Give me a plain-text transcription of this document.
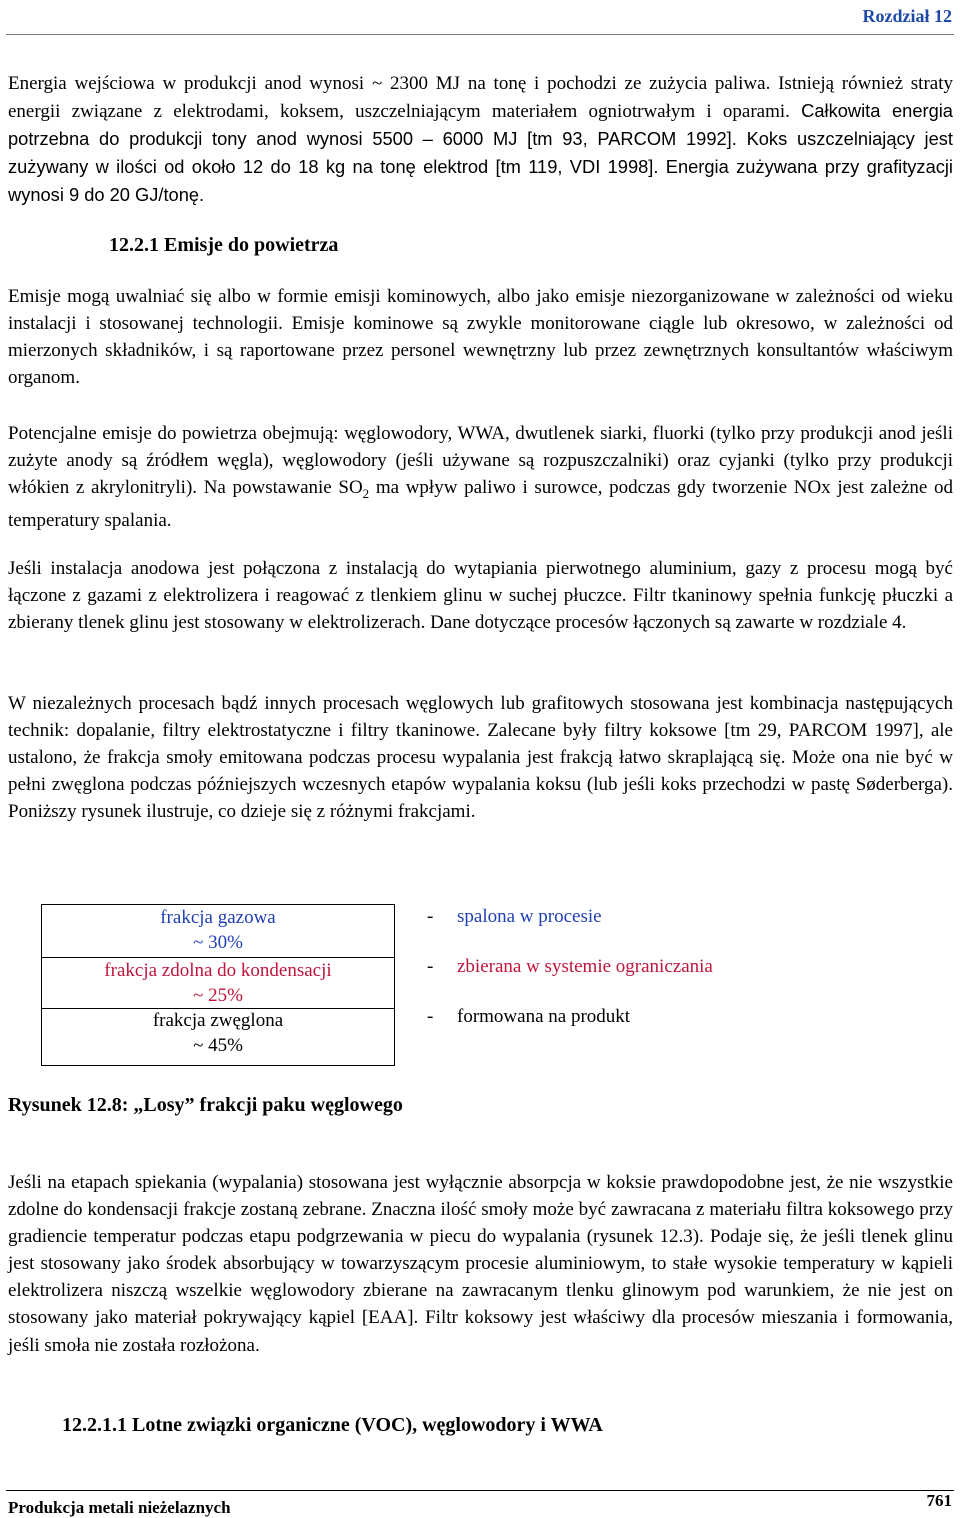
Rozdział 12

Energia wejściowa w produkcji anod wynosi ~ 2300 MJ na tonę i pochodzi ze zużycia paliwa. Istnieją również straty energii związane z elektrodami, koksem, uszczelniającym materiałem ogniotrwałym i oparami. Całkowita energia potrzebna do produkcji tony anod wynosi 5500 – 6000 MJ [tm 93, PARCOM 1992]. Koks uszczelniający jest zużywany w ilości od około 12 do 18 kg na tonę elektrod [tm 119, VDI 1998]. Energia zużywana przy grafityzacji wynosi 9 do 20 GJ/tonę.

12.2.1 Emisje do powietrza

Emisje mogą uwalniać się albo w formie emisji kominowych, albo jako emisje niezorganizowane w zależności od wieku instalacji i stosowanej technologii. Emisje kominowe są zwykle monitorowane ciągle lub okresowo, w zależności od mierzonych składników, i są raportowane przez personel wewnętrzny lub przez zewnętrznych konsultantów właściwym organom.

Potencjalne emisje do powietrza obejmują: węglowodory, WWA, dwutlenek siarki, fluorki (tylko przy produkcji anod jeśli zużyte anody są źródłem węgla), węglowodory (jeśli używane są rozpuszczalniki) oraz cyjanki (tylko przy produkcji włókien z akrylonitryli). Na powstawanie $SO_2$ ma wpływ paliwo i surowce, podczas gdy tworzenie NOx jest zależne od temperatury spalania.

Jeśli instalacja anodowa jest połączona z instalacją do wytapiania pierwotnego aluminium, gazy z procesu mogą być łączone z gazami z elektrolizera i reagować z tlenkiem glinu w suchej płuczce. Filtr tkaninowy spełnia funkcję płuczki a zbierany tlenek glinu jest stosowany w elektrolizerach. Dane dotyczące procesów łączonych są zawarte w rozdziale 4.

W niezależnych procesach bądź innych procesach węglowych lub grafitowych stosowana jest kombinacja następujących technik: dopalanie, filtry elektrostatyczne i filtry tkaninowe. Zalecane były filtry koksowe [tm 29, PARCOM 1997], ale ustalono, że frakcja smoły emitowana podczas procesu wypalania jest frakcją łatwo skraplającą się. Może ona nie być w pełni zwęglona podczas późniejszych wczesnych etapów wypalania koksu (lub jeśli koks przechodzi w pastę Søderberga). Poniższy rysunek ilustruje, co dzieje się z różnymi frakcjami.

frakcja gazowa
~ 30%
frakcja zdolna do kondensacji
~ 25%
frakcja zwęglona
~ 45%
- spalona w procesie
- zbierana w systemie ograniczania
- formowana na produkt

Rysunek 12.8: „Losy” frakcji paku węglowego

Jeśli na etapach spiekania (wypalania) stosowana jest wyłącznie absorpcja w koksie prawdopodobne jest, że nie wszystkie zdolne do kondensacji frakcje zostaną zebrane. Znaczna ilość smoły może być zawracana z materiału filtra koksowego przy gradiencie temperatur podczas etapu podgrzewania w piecu do wypalania (rysunek 12.3). Podaje się, że jeśli tlenek glinu jest stosowany jako środek absorbujący w towarzyszącym procesie aluminiowym, to stałe wysokie temperatury w kąpieli elektrolizera niszczą wszelkie węglowodory zbierane na zawracanym tlenku glinowym pod warunkiem, że nie jest on stosowany jako materiał pokrywający kąpiel [EAA]. Filtr koksowy jest właściwy dla procesów mieszania i formowania, jeśli smoła nie została rozłożona.

12.2.1.1 Lotne związki organiczne (VOC), węglowodory i WWA
Produkcja metali nieżelaznych	761
